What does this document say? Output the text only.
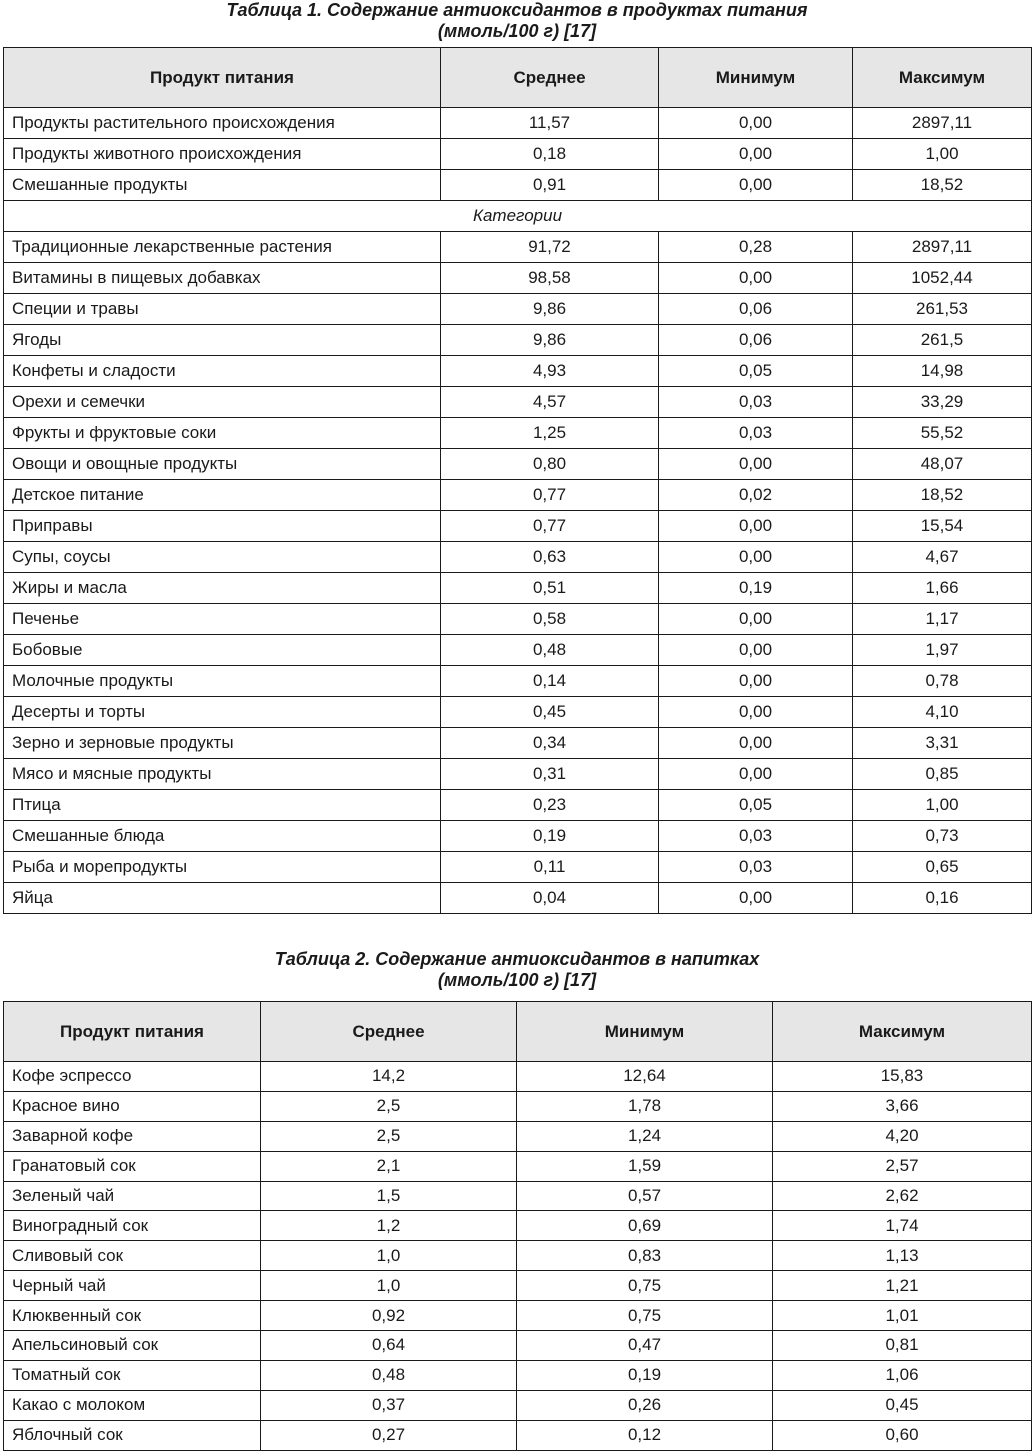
Таблица 1. Содержание антиоксидантов в продуктах питания
(ммоль/100 г) [17]
Продукт питания	Среднее	Минимум	Максимум
Продукты растительного происхождения	11,57	0,00	2897,11
Продукты животного происхождения	0,18	0,00	1,00
Смешанные продукты	0,91	0,00	18,52
Категории			
Традиционные лекарственные растения	91,72	0,28	2897,11
Витамины в пищевых добавках	98,58	0,00	1052,44
Специи и травы	9,86	0,06	261,53
Ягоды	9,86	0,06	261,5
Конфеты и сладости	4,93	0,05	14,98
Орехи и семечки	4,57	0,03	33,29
Фрукты и фруктовые соки	1,25	0,03	55,52
Овощи и овощные продукты	0,80	0,00	48,07
Детское питание	0,77	0,02	18,52
Приправы	0,77	0,00	15,54
Супы, соусы	0,63	0,00	4,67
Жиры и масла	0,51	0,19	1,66
Печенье	0,58	0,00	1,17
Бобовые	0,48	0,00	1,97
Молочные продукты	0,14	0,00	0,78
Десерты и торты	0,45	0,00	4,10
Зерно и зерновые продукты	0,34	0,00	3,31
Мясо и мясные продукты	0,31	0,00	0,85
Птица	0,23	0,05	1,00
Смешанные блюда	0,19	0,03	0,73
Рыба и морепродукты	0,11	0,03	0,65
Яйца	0,04	0,00	0,16
Таблица 2. Содержание антиоксидантов в напитках
(ммоль/100 г) [17]
Продукт питания	Среднее	Минимум	Максимум
Кофе эспрессо	14,2	12,64	15,83
Красное вино	2,5	1,78	3,66
Заварной кофе	2,5	1,24	4,20
Гранатовый сок	2,1	1,59	2,57
Зеленый чай	1,5	0,57	2,62
Виноградный сок	1,2	0,69	1,74
Сливовый сок	1,0	0,83	1,13
Черный чай	1,0	0,75	1,21
Клюквенный сок	0,92	0,75	1,01
Апельсиновый сок	0,64	0,47	0,81
Томатный сок	0,48	0,19	1,06
Какао с молоком	0,37	0,26	0,45
Яблочный сок	0,27	0,12	0,60
